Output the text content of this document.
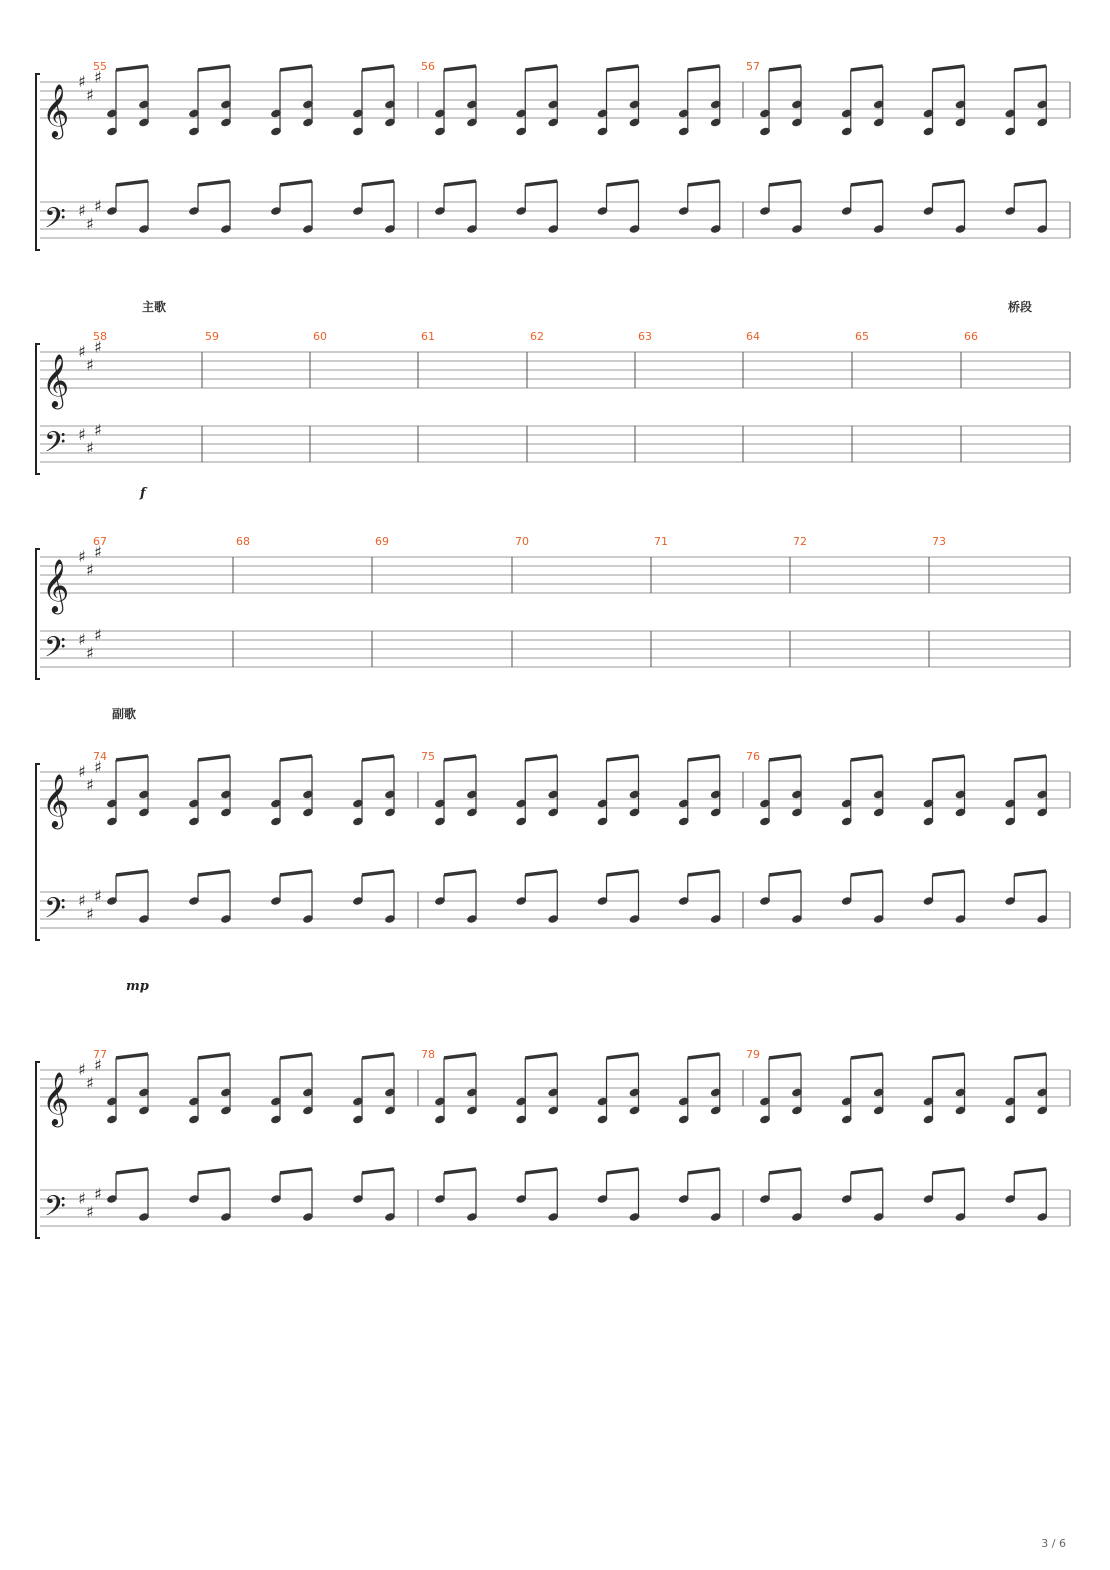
𝄞
𝄢
♯
♯
♯
♯
♯
♯
55	56	57
𝄞
𝄢
♯
♯
♯
♯
♯
♯
58	59	60	61	62	63	64	65	66
𝄞
𝄢
♯
♯
♯
♯
♯
♯
67	68	69	70	71	72	73
𝄞
𝄢
♯
♯
♯
♯
♯
♯
74	75	76
𝄞
𝄢
♯
♯
♯
♯
♯
♯
77	78	79
主歌	桥段
f
副歌
mp
3 / 6
